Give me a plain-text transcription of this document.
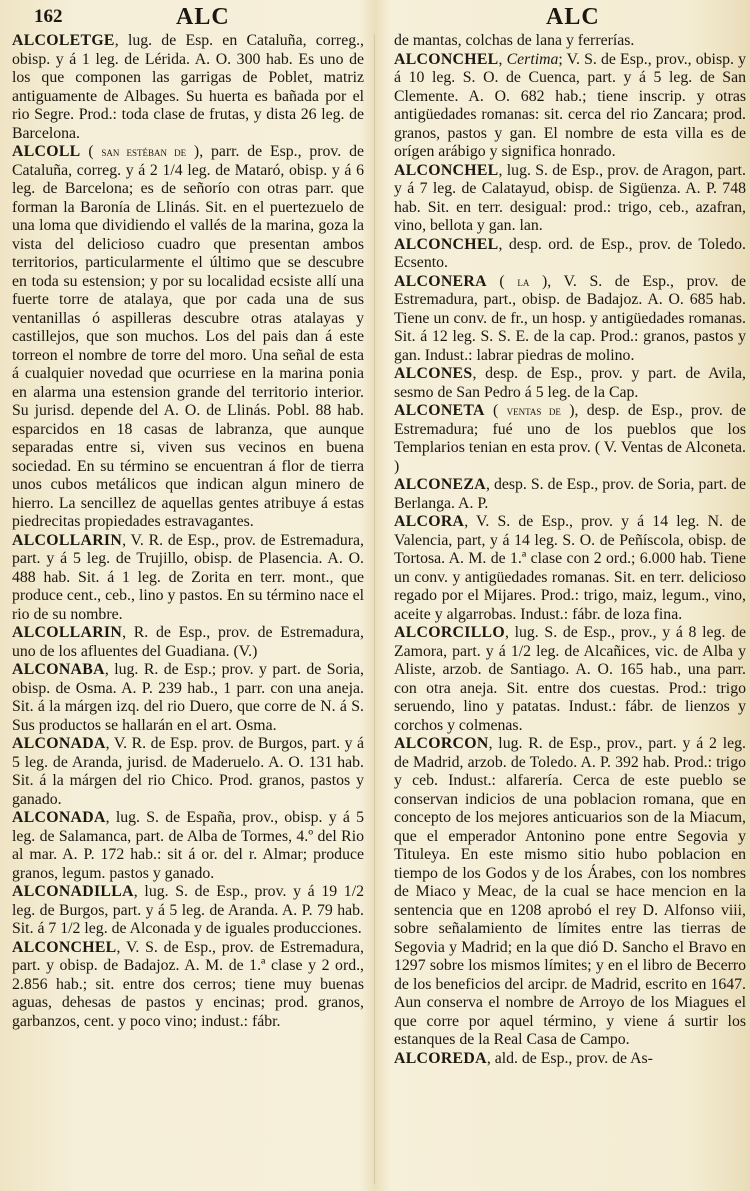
162	ALC	ALC

ALCOLETGE, lug. de Esp. en Cataluña, correg., obisp. y á 1 leg. de Lérida. A. O. 300 hab. Es uno de los que componen las garrigas de Poblet, matriz antiguamente de Albages. Su huerta es bañada por el rio Segre. Prod.: toda clase de frutas, y dista 26 leg. de Barcelona.

ALCOLL ( san estéban de ), parr. de Esp., prov. de Cataluña, correg. y á 2 1/4 leg. de Mataró, obisp. y á 6 leg. de Barcelona; es de señorío con otras parr. que forman la Baronía de Llinás. Sit. en el puertezuelo de una loma que dividiendo el vallés de la marina, goza la vista del delicioso cuadro que presentan ambos territorios, particularmente el último que se descubre en toda su estension; y por su localidad ecsiste allí una fuerte torre de atalaya, que por cada una de sus ventanillas ó aspilleras descubre otras atalayas y castillejos, que son muchos. Los del pais dan á este torreon el nombre de torre del moro. Una señal de esta á cualquier novedad que ocurriese en la marina ponia en alarma una estension grande del territorio interior. Su jurisd. depende del A. O. de Llinás. Pobl. 88 hab. esparcidos en 18 casas de labranza, que aunque separadas entre si, viven sus vecinos en buena sociedad. En su término se encuentran á flor de tierra unos cubos metálicos que indican algun minero de hierro. La sencillez de aquellas gentes atribuye á estas piedrecitas propiedades estravagantes.

ALCOLLARIN, V. R. de Esp., prov. de Estremadura, part. y á 5 leg. de Trujillo, obisp. de Plasencia. A. O. 488 hab. Sit. á 1 leg. de Zorita en terr. mont., que produce cent., ceb., lino y pastos. En su término nace el rio de su nombre.

ALCOLLARIN, R. de Esp., prov. de Estremadura, uno de los afluentes del Guadiana. (V.)

ALCONABA, lug. R. de Esp.; prov. y part. de Soria, obisp. de Osma. A. P. 239 hab., 1 parr. con una aneja. Sit. á la márgen izq. del rio Duero, que corre de N. á S. Sus productos se hallarán en el art. Osma.

ALCONADA, V. R. de Esp. prov. de Burgos, part. y á 5 leg. de Aranda, jurisd. de Maderuelo. A. O. 131 hab. Sit. á la márgen del rio Chico. Prod. granos, pastos y ganado.

ALCONADA, lug. S. de España, prov., obisp. y á 5 leg. de Salamanca, part. de Alba de Tormes, 4.º del Rio al mar. A. P. 172 hab.: sit á or. del r. Almar; produce granos, legum. pastos y ganado.

ALCONADILLA, lug. S. de Esp., prov. y á 19 1/2 leg. de Burgos, part. y á 5 leg. de Aranda. A. P. 79 hab. Sit. á 7 1/2 leg. de Alconada y de iguales producciones.

ALCONCHEL, V. S. de Esp., prov. de Estremadura, part. y obisp. de Badajoz. A. M. de 1.ª clase y 2 ord., 2.856 hab.; sit. entre dos cerros; tiene muy buenas aguas, dehesas de pastos y encinas; prod. granos, garbanzos, cent. y poco vino; indust.: fábr.

de mantas, colchas de lana y ferrerías.

ALCONCHEL, Certima; V. S. de Esp., prov., obisp. y á 10 leg. S. O. de Cuenca, part. y á 5 leg. de San Clemente. A. O. 682 hab.; tiene inscrip. y otras antigüedades romanas: sit. cerca del rio Zancara; prod. granos, pastos y gan. El nombre de esta villa es de orígen arábigo y significa honrado.

ALCONCHEL, lug. S. de Esp., prov. de Aragon, part. y á 7 leg. de Calatayud, obisp. de Sigüenza. A. P. 748 hab. Sit. en terr. desigual: prod.: trigo, ceb., azafran, vino, bellota y gan. lan.

ALCONCHEL, desp. ord. de Esp., prov. de Toledo. Ecsento.

ALCONERA ( la ), V. S. de Esp., prov. de Estremadura, part., obisp. de Badajoz. A. O. 685 hab. Tiene un conv. de fr., un hosp. y antigüedades romanas. Sit. á 12 leg. S. S. E. de la cap. Prod.: granos, pastos y gan. Indust.: labrar piedras de molino.

ALCONES, desp. de Esp., prov. y part. de Avila, sesmo de San Pedro á 5 leg. de la Cap.

ALCONETA ( ventas de ), desp. de Esp., prov. de Estremadura; fué uno de los pueblos que los Templarios tenian en esta prov. ( V. Ventas de Alconeta. )

ALCONEZA, desp. S. de Esp., prov. de Soria, part. de Berlanga. A. P.

ALCORA, V. S. de Esp., prov. y á 14 leg. N. de Valencia, part, y á 14 leg. S. O. de Peñíscola, obisp. de Tortosa. A. M. de 1.ª clase con 2 ord.; 6.000 hab. Tiene un conv. y antigüedades romanas. Sit. en terr. delicioso regado por el Mijares. Prod.: trigo, maiz, legum., vino, aceite y algarrobas. Indust.: fábr. de loza fina.

ALCORCILLO, lug. S. de Esp., prov., y á 8 leg. de Zamora, part. y á 1/2 leg. de Alcañices, vic. de Alba y Aliste, arzob. de Santiago. A. O. 165 hab., una parr. con otra aneja. Sit. entre dos cuestas. Prod.: trigo seruendo, lino y patatas. Indust.: fábr. de lienzos y corchos y colmenas.

ALCORCON, lug. R. de Esp., prov., part. y á 2 leg. de Madrid, arzob. de Toledo. A. P. 392 hab. Prod.: trigo y ceb. Indust.: alfarería. Cerca de este pueblo se conservan indicios de una poblacion romana, que en concepto de los mejores anticuarios son de la Miacum, que el emperador Antonino pone entre Segovia y Tituleya. En este mismo sitio hubo poblacion en tiempo de los Godos y de los Árabes, con los nombres de Miaco y Meac, de la cual se hace mencion en la sentencia que en 1208 aprobó el rey D. Alfonso viii, sobre señalamiento de límites entre las tierras de Segovia y Madrid; en la que dió D. Sancho el Bravo en 1297 sobre los mismos límites; y en el libro de Becerro de los beneficios del arcipr. de Madrid, escrito en 1647. Aun conserva el nombre de Arroyo de los Miagues el que corre por aquel término, y viene á surtir los estanques de la Real Casa de Campo.

ALCOREDA, ald. de Esp., prov. de As-
